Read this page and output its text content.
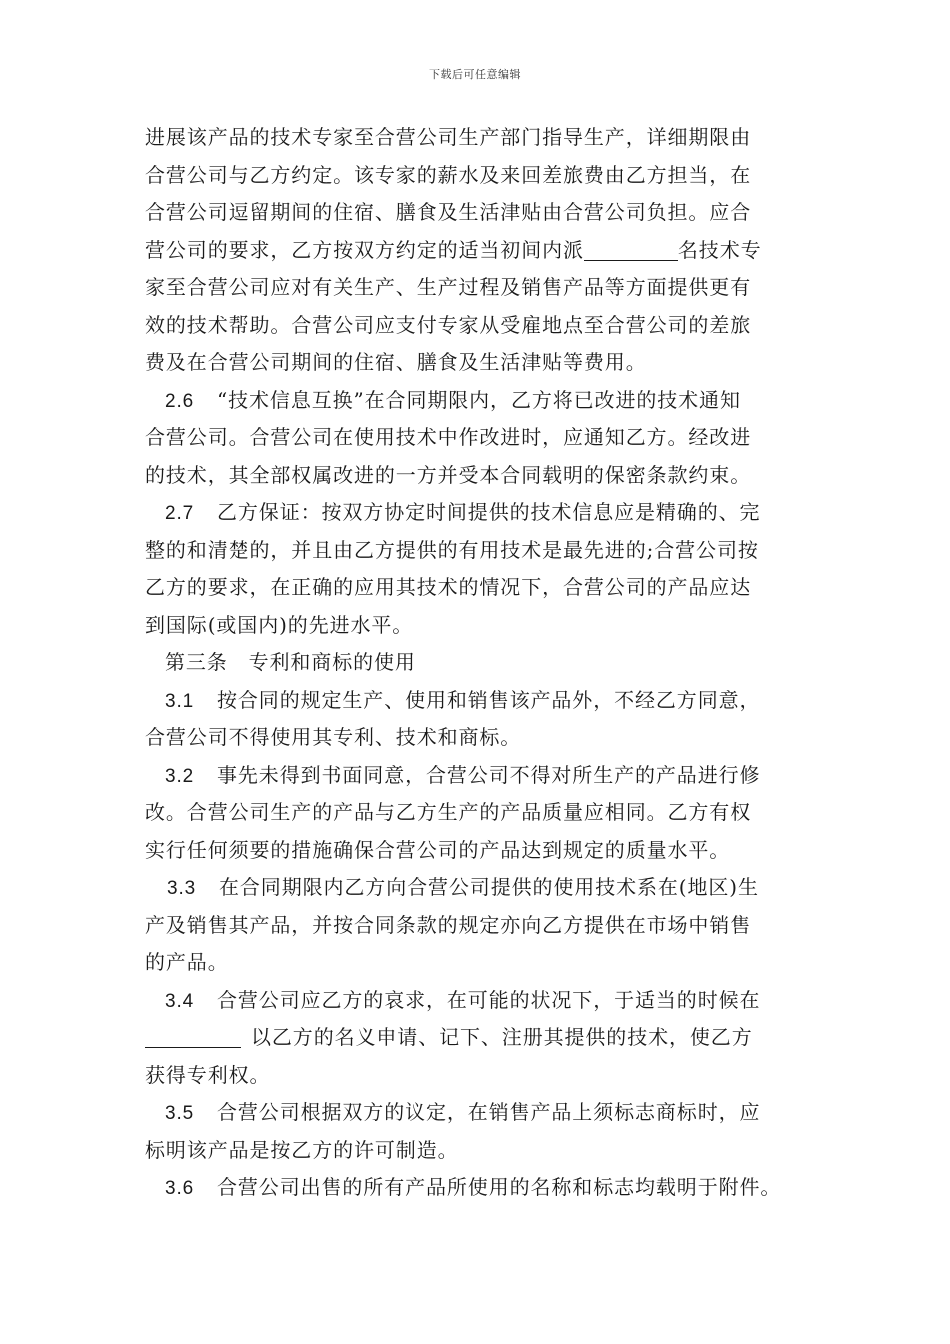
下载后可任意编辑
进展该产品的技术专家至合营公司生产部门指导生产，详细期限由
合营公司与乙方约定。该专家的薪水及来回差旅费由乙方担当，在
合营公司逗留期间的住宿、膳食及生活津贴由合营公司负担。应合
营公司的要求，乙方按双方约定的适当初间内派	名技术专
家至合营公司应对有关生产、生产过程及销售产品等方面提供更有
效的技术帮助。合营公司应支付专家从受雇地点至合营公司的差旅
费及在合营公司期间的住宿、膳食及生活津贴等费用。
2.6 “技术信息互换”在合同期限内，乙方将已改进的技术通知
合营公司。合营公司在使用技术中作改进时，应通知乙方。经改进
的技术，其全部权属改进的一方并受本合同载明的保密条款约束。
2.7 乙方保证：按双方协定时间提供的技术信息应是精确的、完
整的和清楚的，并且由乙方提供的有用技术是最先进的;合营公司按
乙方的要求，在正确的应用其技术的情况下，合营公司的产品应达
到国际(或国内)的先进水平。
第三条　专利和商标的使用
3.1 按合同的规定生产、使用和销售该产品外，不经乙方同意，
合营公司不得使用其专利、技术和商标。
3.2 事先未得到书面同意，合营公司不得对所生产的产品进行修
改。合营公司生产的产品与乙方生产的产品质量应相同。乙方有权
实行任何须要的措施确保合营公司的产品达到规定的质量水平。
3.3 在合同期限内乙方向合营公司提供的使用技术系在(地区)生
产及销售其产品，并按合同条款的规定亦向乙方提供在市场中销售
的产品。
3.4 合营公司应乙方的哀求，在可能的状况下，于适当的时候在
以乙方的名义申请、记下、注册其提供的技术，使乙方
获得专利权。
3.5 合营公司根据双方的议定，在销售产品上须标志商标时，应
标明该产品是按乙方的许可制造。
3.6 合营公司出售的所有产品所使用的名称和标志均载明于附件。
